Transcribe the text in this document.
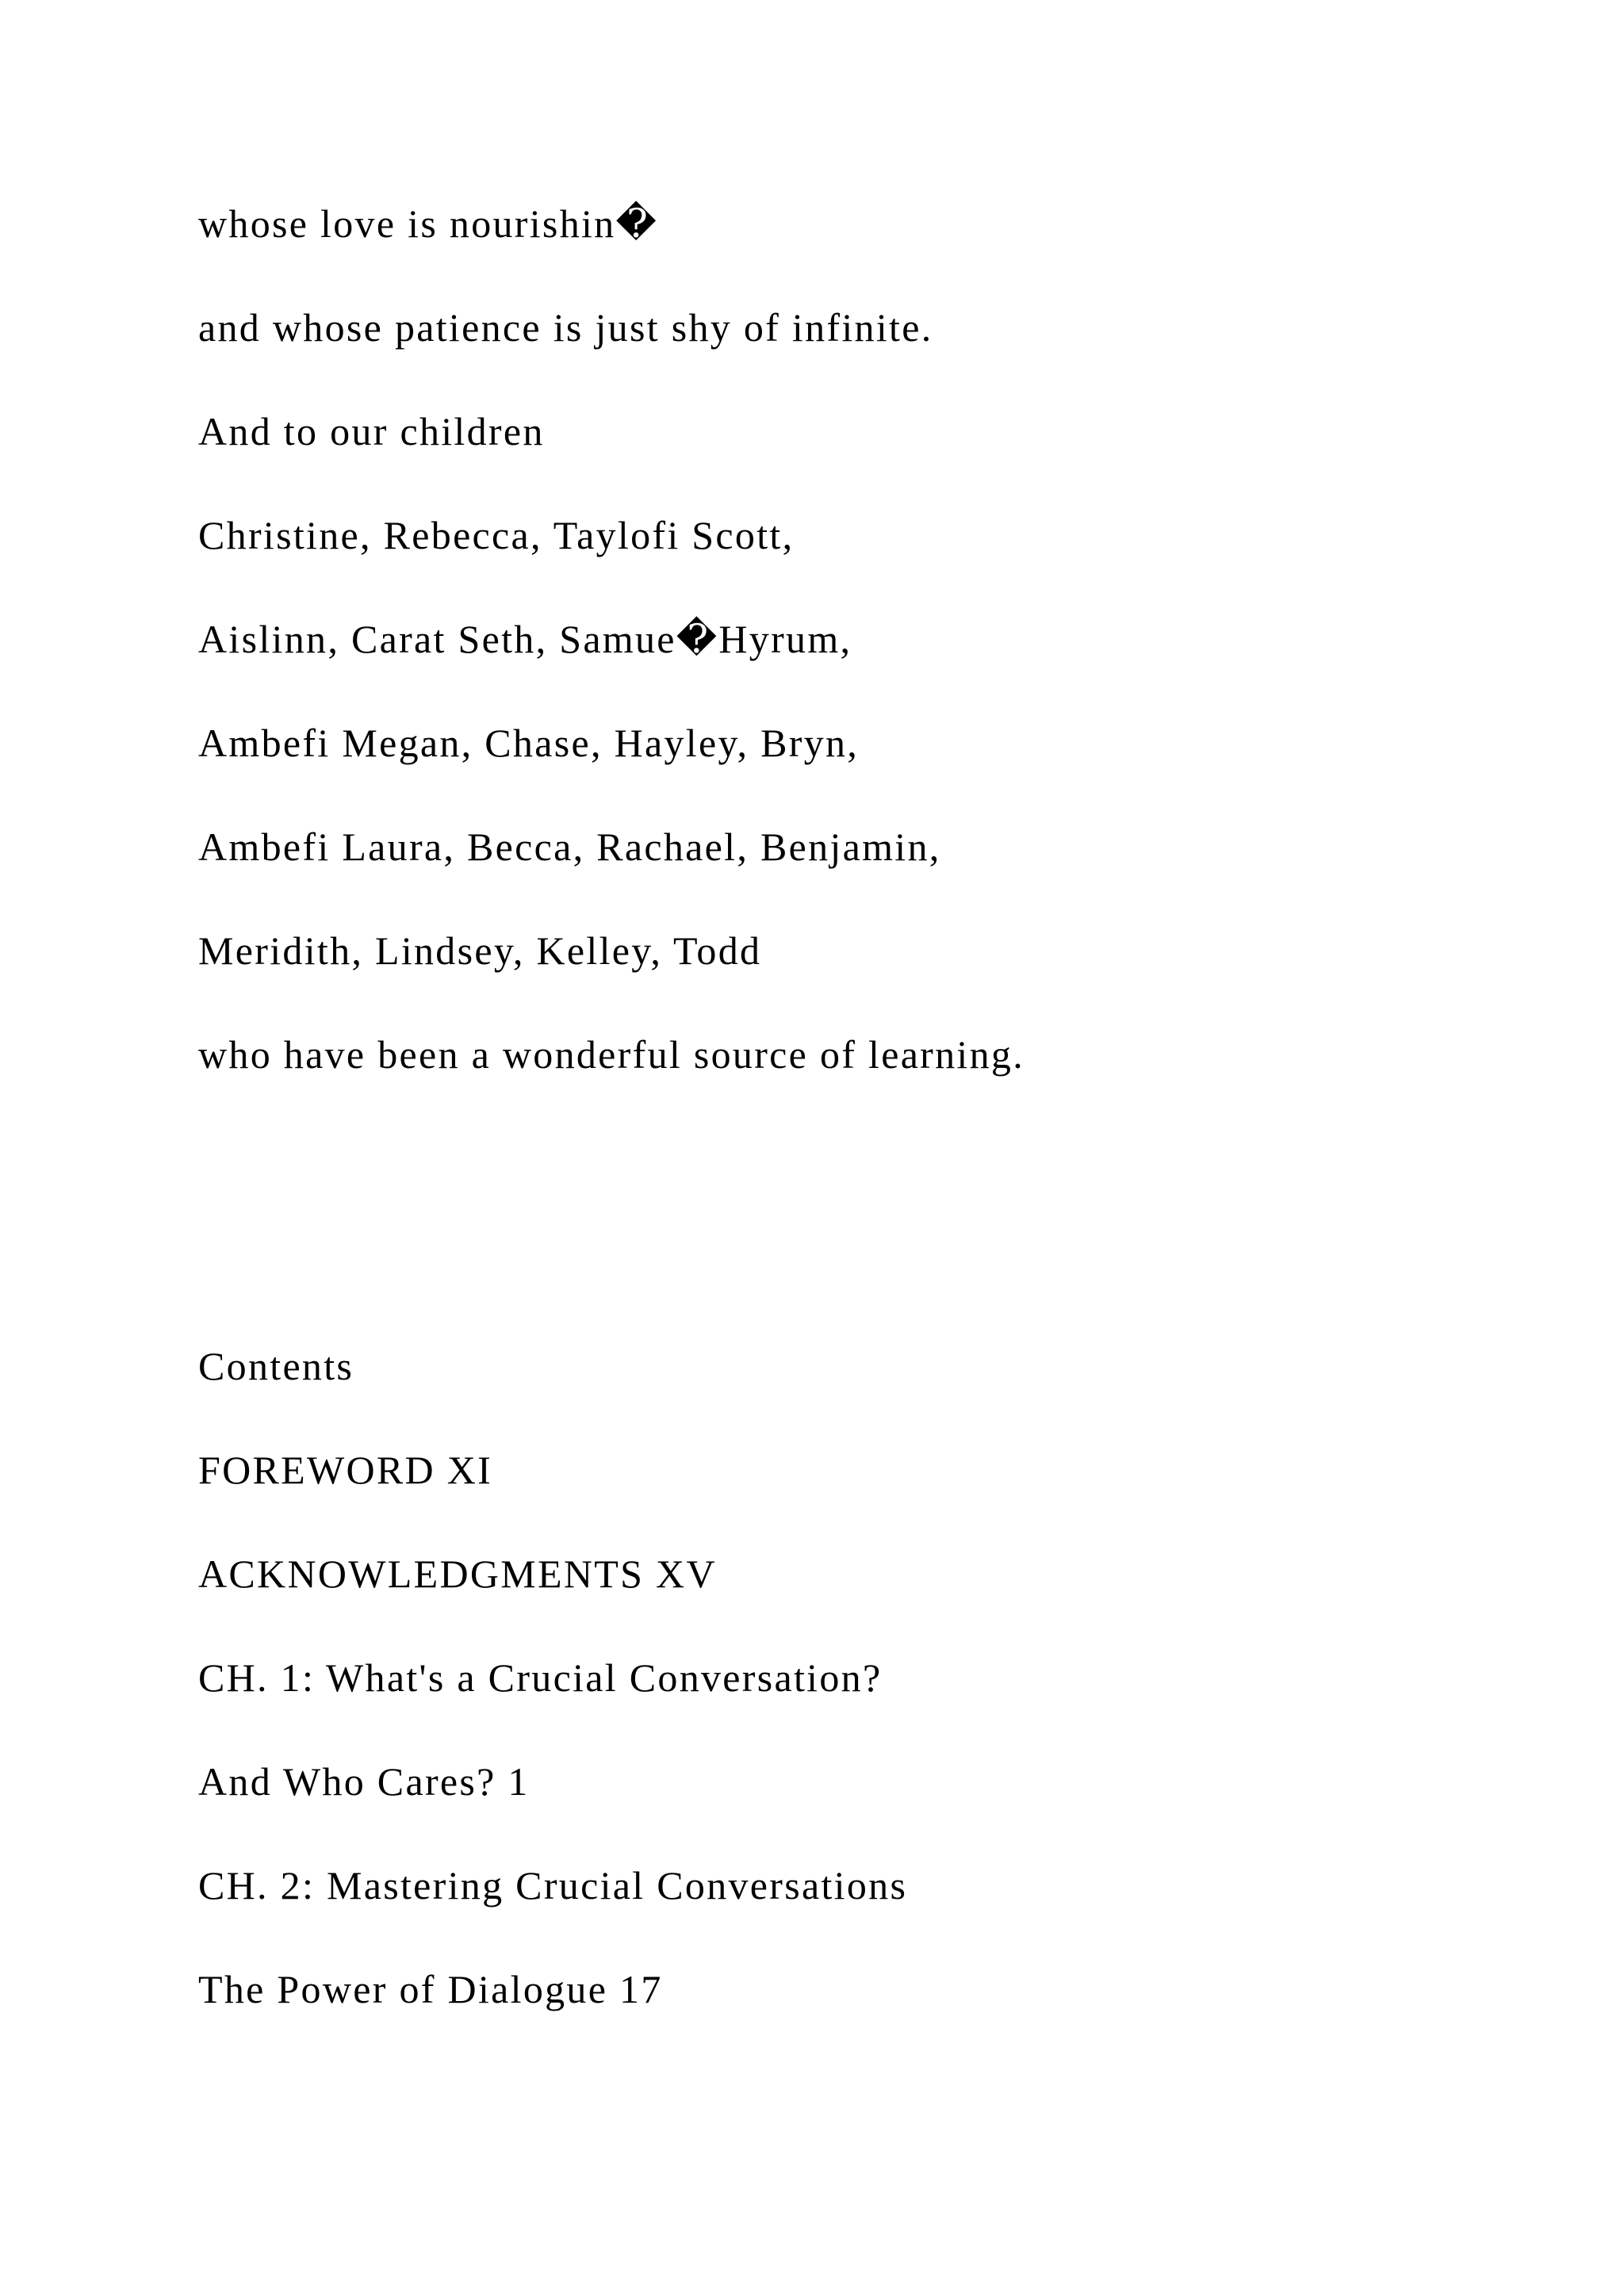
whose love is nourishin�

and whose patience is just shy of infinite.

And to our children

Christine, Rebecca, Taylofi Scott,

Aislinn, Carat Seth, Samue�Hyrum,

Ambefi Megan, Chase, Hayley, Bryn,

Ambefi Laura, Becca, Rachael, Benjamin,

Meridith, Lindsey, Kelley, Todd

who have been a wonderful source of learning.

Contents

FOREWORD XI

ACKNOWLEDGMENTS XV

CH. 1: What's a Crucial Conversation?

And Who Cares? 1

CH. 2: Mastering Crucial Conversations

The Power of Dialogue 17
